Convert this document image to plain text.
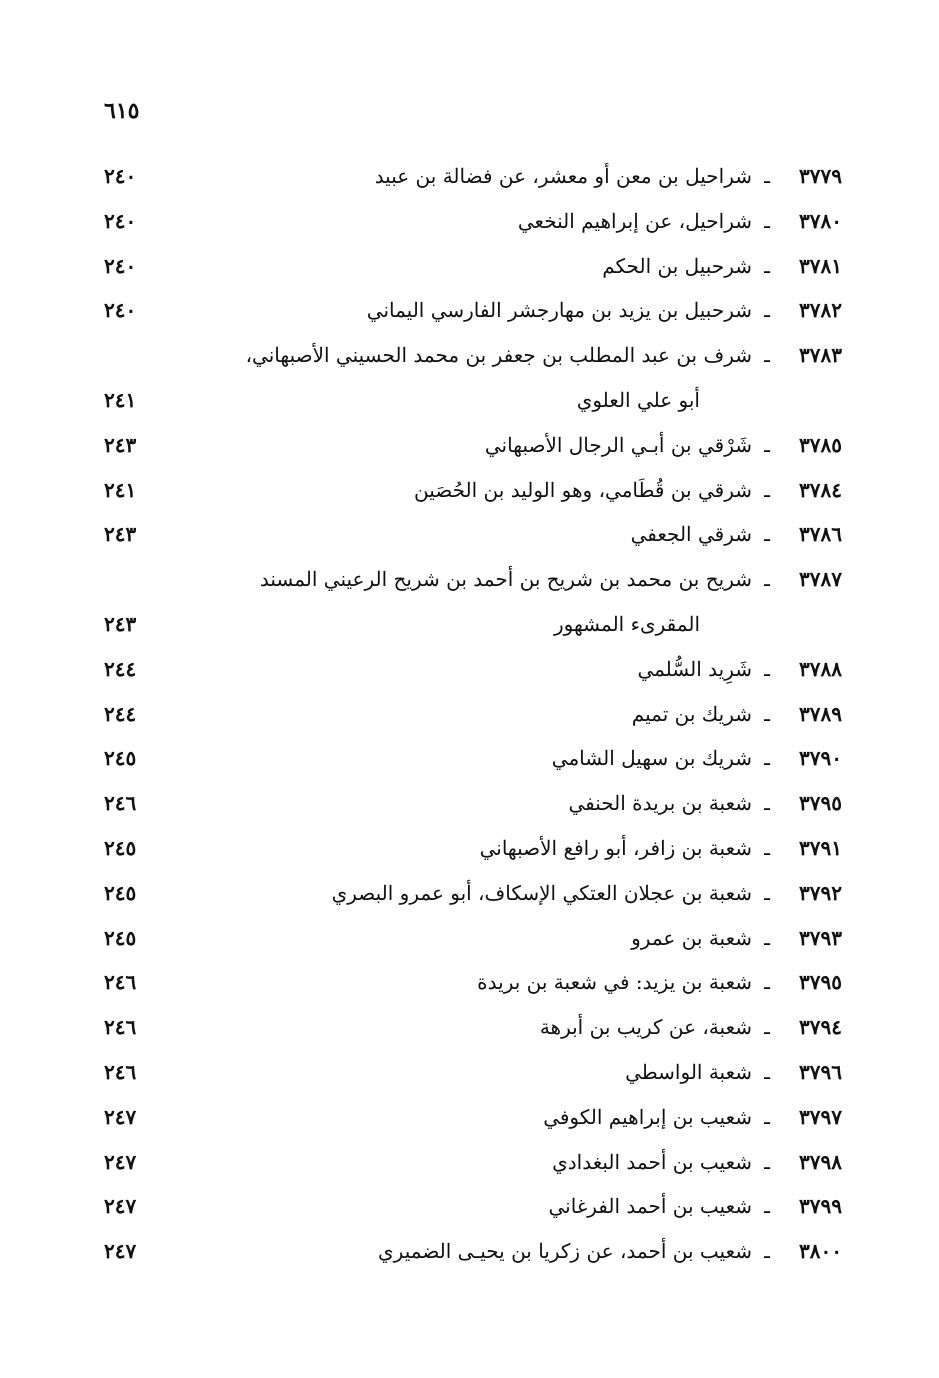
٦١٥
٣٧٧٩
ـ
شراحيل بن معن أو معشر، عن فضالة بن عبيد
٢٤٠
٣٧٨٠
ـ
شراحيل، عن إبراهيم النخعي
٢٤٠
٣٧٨١
ـ
شرحبيل بن الحكم
٢٤٠
٣٧٨٢
ـ
شرحبيل بن يزيد بن مهارجشر الفارسي اليماني
٢٤٠
٣٧٨٣
ـ
شرف بن عبد المطلب بن جعفر بن محمد الحسيني الأصبهاني،
أبو علي العلوي
٢٤١
٣٧٨٥
ـ
شَرْقي بن أبـي الرجال الأصبهاني
٢٤٣
٣٧٨٤
ـ
شرقي بن قُطَامي، وهو الوليد بن الحُصَين
٢٤١
٣٧٨٦
ـ
شرقي الجعفي
٢٤٣
٣٧٨٧
ـ
شريح بن محمد بن شريح بن أحمد بن شريح الرعيني المسند
المقرىء المشهور
٢٤٣
٣٧٨٨
ـ
شَرِيد السُّلمي
٢٤٤
٣٧٨٩
ـ
شريك بن تميم
٢٤٤
٣٧٩٠
ـ
شريك بن سهيل الشامي
٢٤٥
٣٧٩٥
ـ
شعبة بن بريدة الحنفي
٢٤٦
٣٧٩١
ـ
شعبة بن زافر، أبو رافع الأصبهاني
٢٤٥
٣٧٩٢
ـ
شعبة بن عجلان العتكي الإسكاف، أبو عمرو البصري
٢٤٥
٣٧٩٣
ـ
شعبة بن عمرو
٢٤٥
٣٧٩٥
ـ
شعبة بن يزيد: في شعبة بن بريدة
٢٤٦
٣٧٩٤
ـ
شعبة، عن كريب بن أبرهة
٢٤٦
٣٧٩٦
ـ
شعبة الواسطي
٢٤٦
٣٧٩٧
ـ
شعيب بن إبراهيم الكوفي
٢٤٧
٣٧٩٨
ـ
شعيب بن أحمد البغدادي
٢٤٧
٣٧٩٩
ـ
شعيب بن أحمد الفرغاني
٢٤٧
٣٨٠٠
ـ
شعيب بن أحمد، عن زكريا بن يحيـى الضميري
٢٤٧
